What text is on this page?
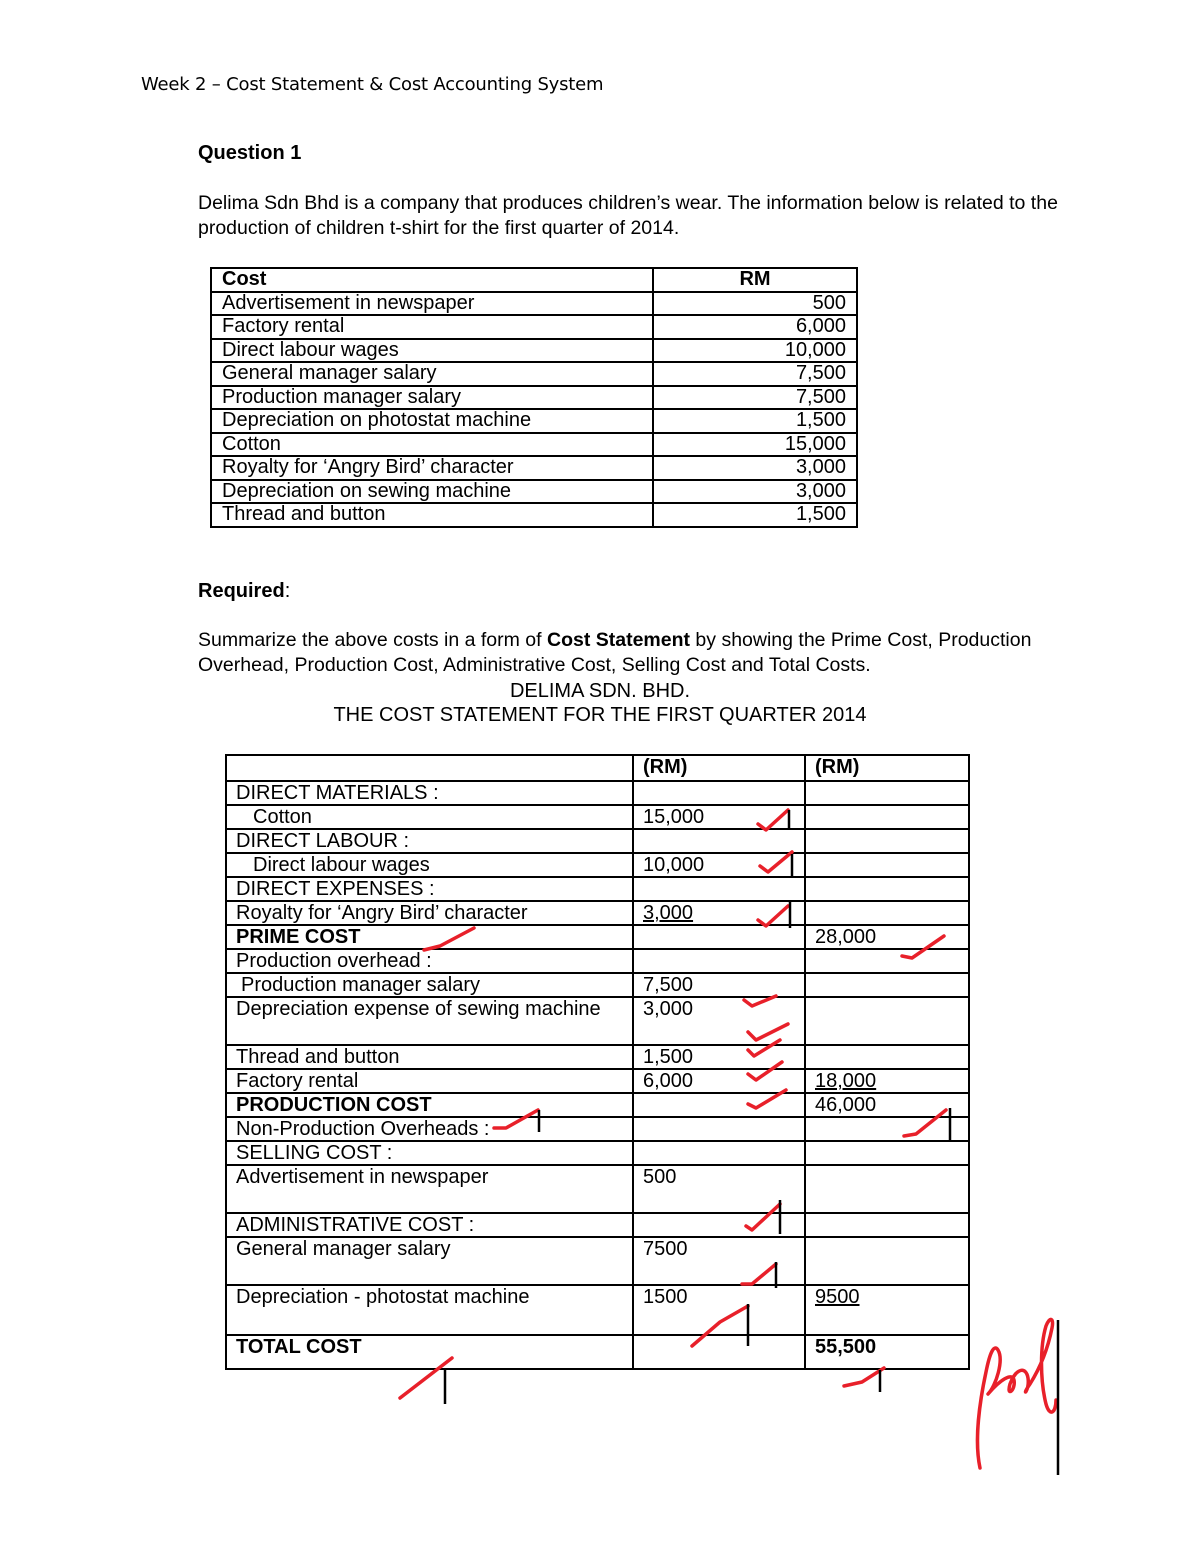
Week 2 – Cost Statement & Cost Accounting System
Question 1
Delima Sdn Bhd is a company that produces children’s wear. The information below is related to the production of children t-shirt for the first quarter of 2014.
Cost	RM
Advertisement in newspaper	500
Factory rental	6,000
Direct labour wages	10,000
General manager salary	7,500
Production manager salary	7,500
Depreciation on photostat machine	1,500
Cotton	15,000
Royalty for ‘Angry Bird’ character	3,000
Depreciation on sewing machine	3,000
Thread and button	1,500
Required:
Summarize the above costs in a form of Cost Statement by showing the Prime Cost, Production Overhead, Production Cost, Administrative Cost, Selling Cost and Total Costs.
DELIMA SDN. BHD.
THE COST STATEMENT FOR THE FIRST QUARTER 2014
	(RM)	(RM)
DIRECT MATERIALS :		
Cotton	15,000	
DIRECT LABOUR :		
Direct labour wages	10,000	
DIRECT EXPENSES :		
Royalty for ‘Angry Bird’ character	3,000	
PRIME COST		28,000
Production overhead :		
Production manager salary	7,500	
Depreciation expense of sewing machine	3,000	
Thread and button	1,500	
Factory rental	6,000	18,000
PRODUCTION COST		46,000
Non-Production Overheads :		
SELLING COST :		
Advertisement in newspaper	500	
ADMINISTRATIVE COST :		
General manager salary	7500	
Depreciation - photostat machine	1500	9500
TOTAL COST		55,500
